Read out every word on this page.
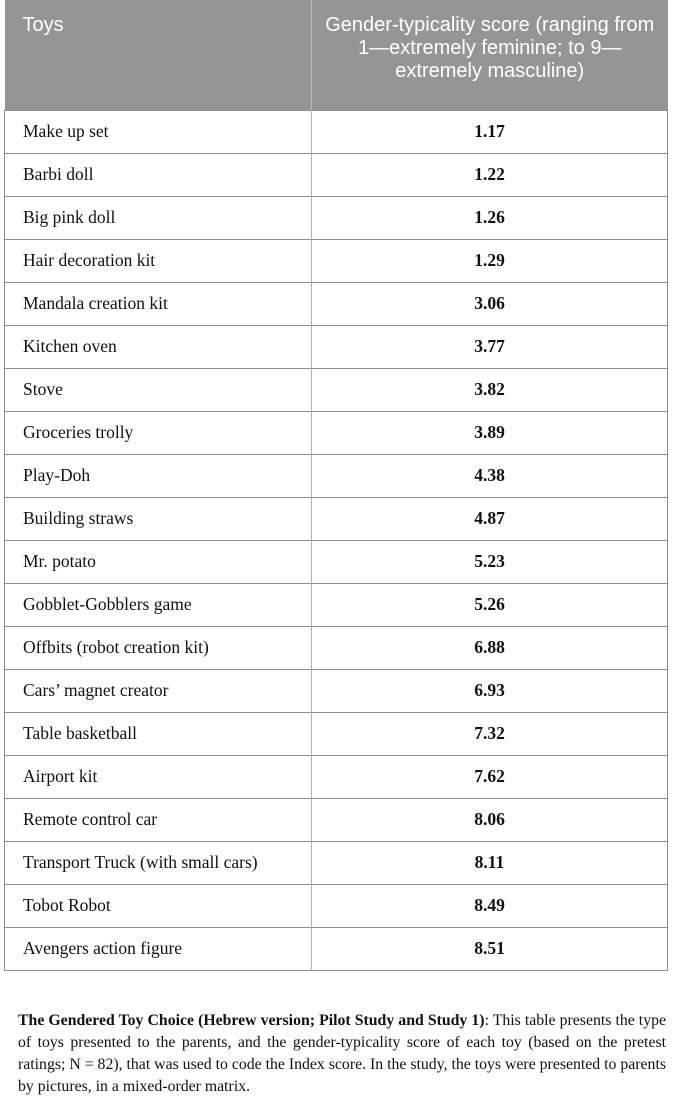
Toys	Gender-typicality score (ranging from 1—extremely feminine; to 9—extremely masculine)
Make up set	1.17
Barbi doll	1.22
Big pink doll	1.26
Hair decoration kit	1.29
Mandala creation kit	3.06
Kitchen oven	3.77
Stove	3.82
Groceries trolly	3.89
Play-Doh	4.38
Building straws	4.87
Mr. potato	5.23
Gobblet-Gobblers game	5.26
Offbits (robot creation kit)	6.88
Cars’ magnet creator	6.93
Table basketball	7.32
Airport kit	7.62
Remote control car	8.06
Transport Truck (with small cars)	8.11
Tobot Robot	8.49
Avengers action figure	8.51

The Gendered Toy Choice (Hebrew version; Pilot Study and Study 1): This table presents the type of toys presented to the parents, and the gender-typicality score of each toy (based on the pretest ratings; N = 82), that was used to code the Index score. In the study, the toys were presented to parents by pictures, in a mixed-order matrix.
